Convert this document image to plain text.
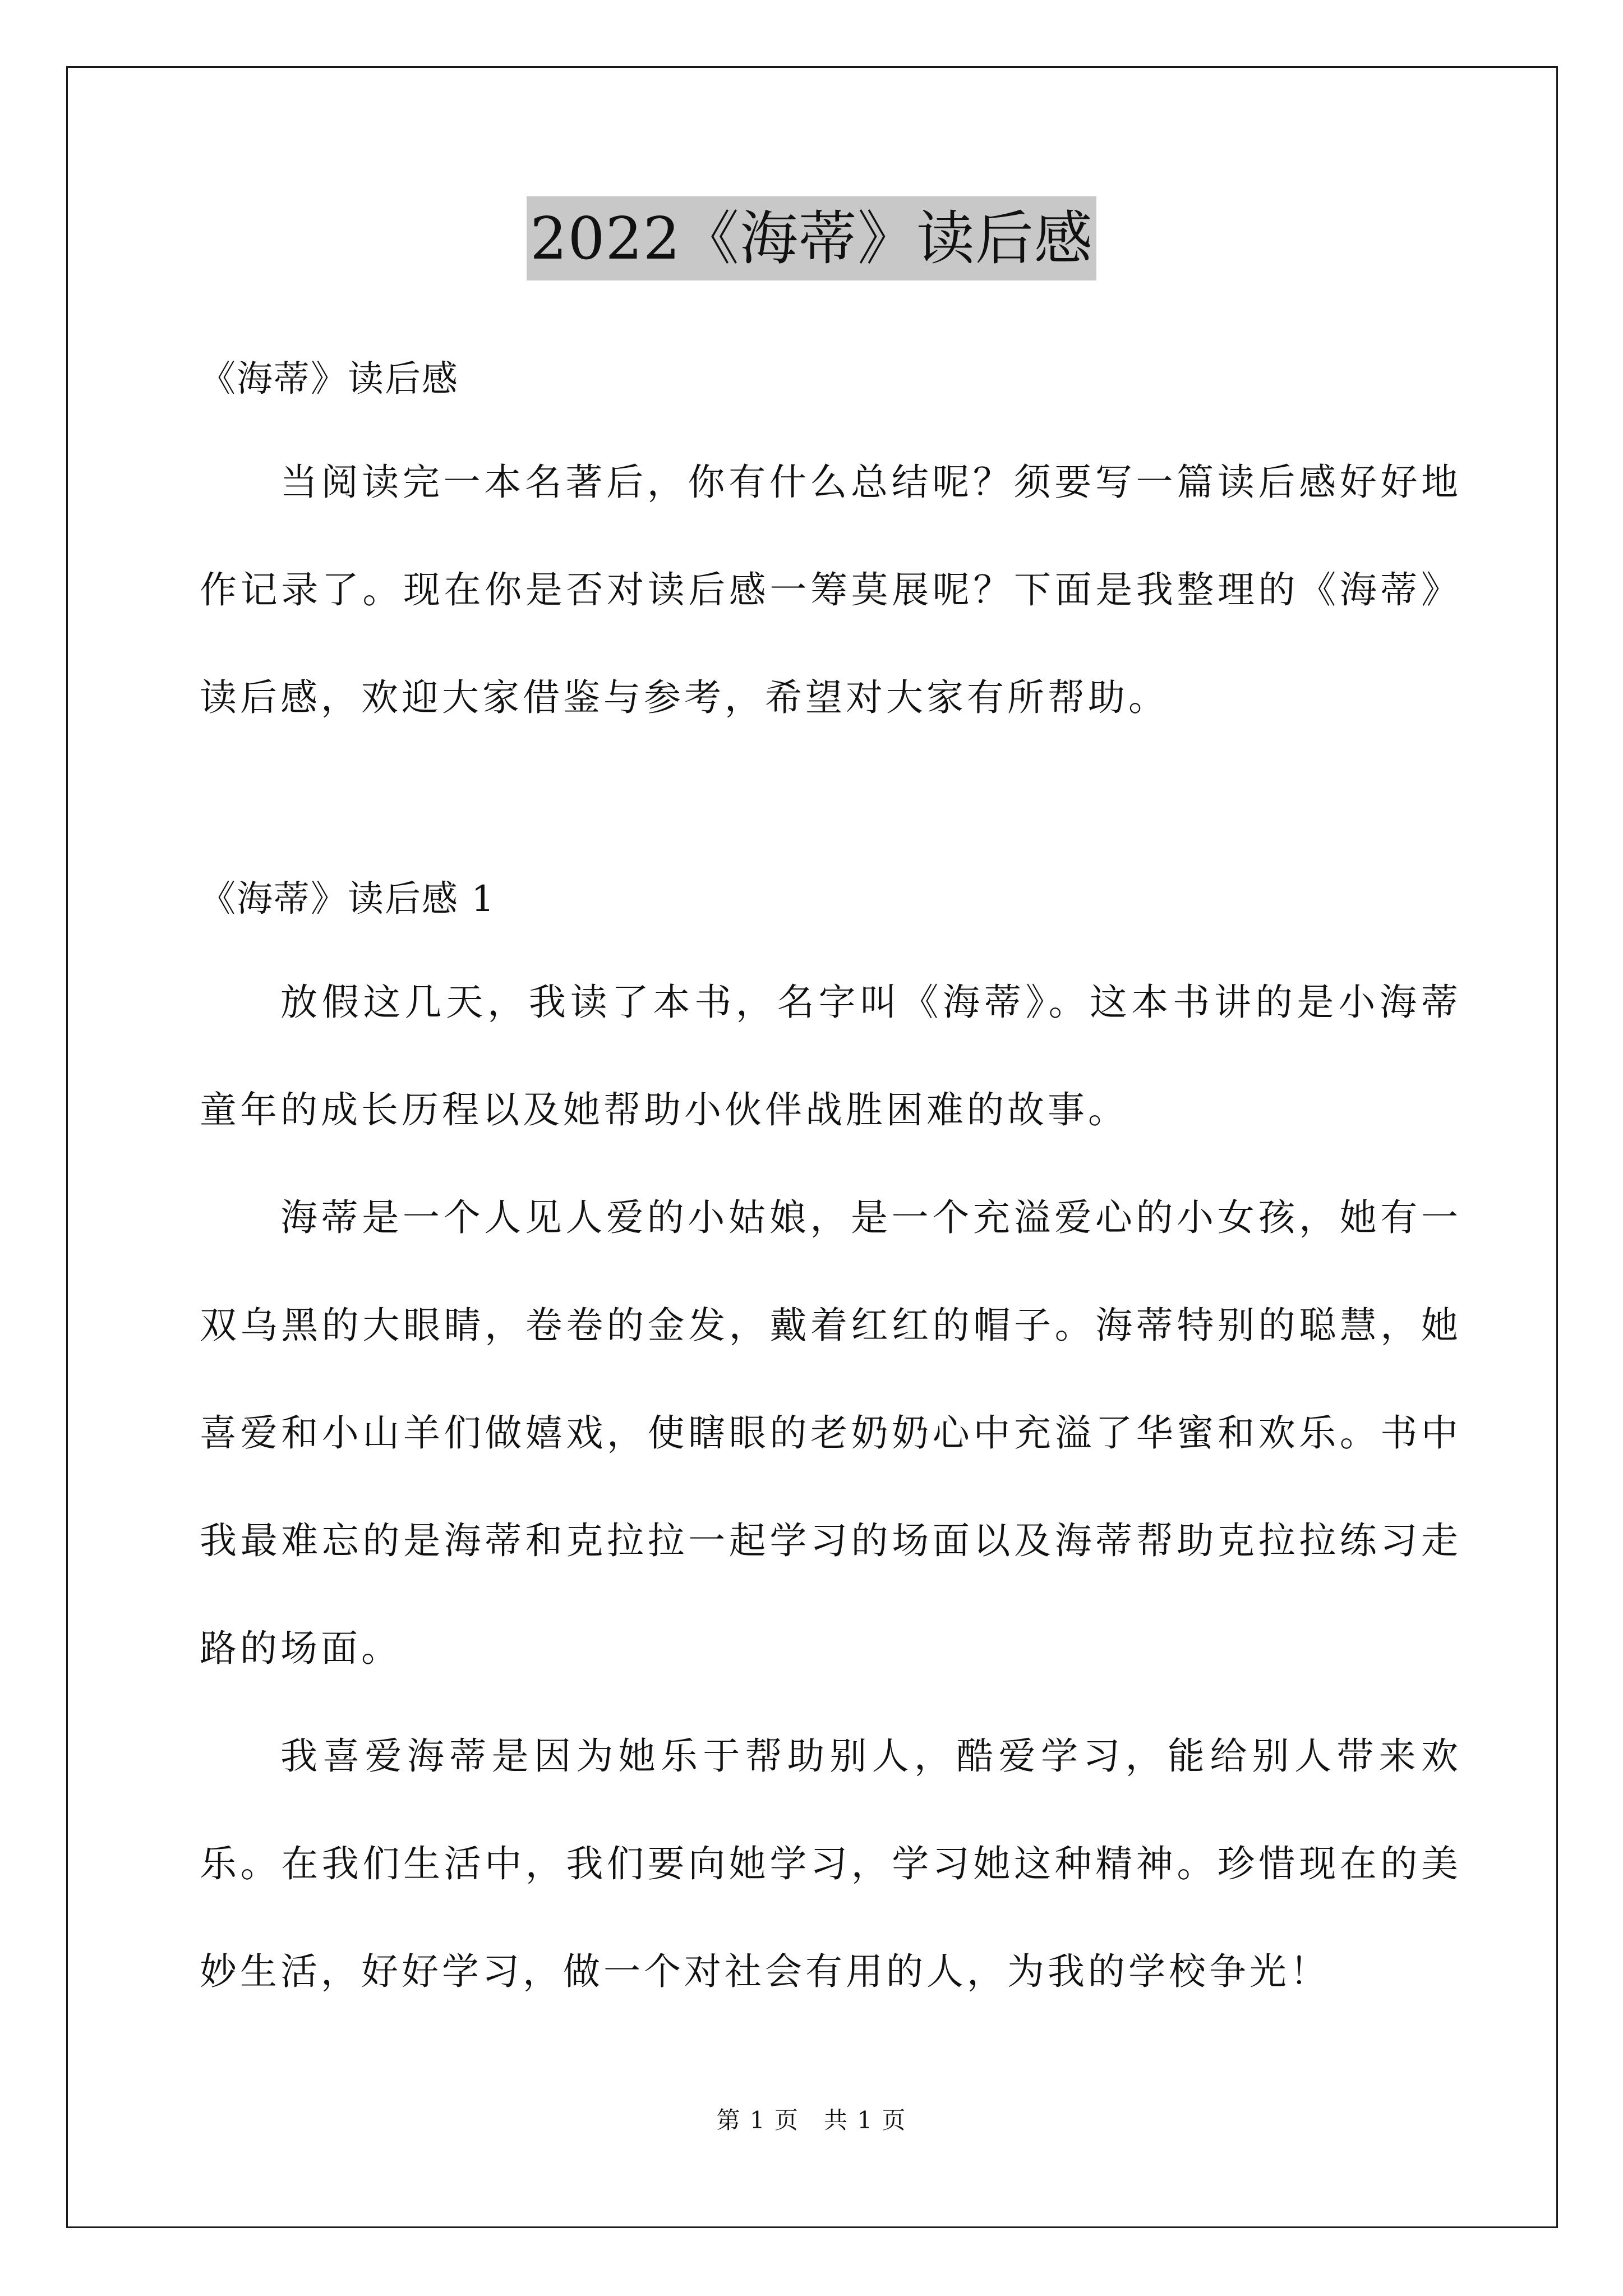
2022《海蒂》读后感

《海蒂》读后感

当阅读完一本名著后，你有什么总结呢？须要写一篇读后感好好地作记录了。现在你是否对读后感一筹莫展呢？下面是我整理的《海蒂》读后感，欢迎大家借鉴与参考，希望对大家有所帮助。

《海蒂》读后感 1

放假这几天，我读了本书，名字叫《海蒂》。这本书讲的是小海蒂童年的成长历程以及她帮助小伙伴战胜困难的故事。

海蒂是一个人见人爱的小姑娘，是一个充溢爱心的小女孩，她有一双乌黑的大眼睛，卷卷的金发，戴着红红的帽子。海蒂特别的聪慧，她喜爱和小山羊们做嬉戏，使瞎眼的老奶奶心中充溢了华蜜和欢乐。书中我最难忘的是海蒂和克拉拉一起学习的场面以及海蒂帮助克拉拉练习走路的场面。

我喜爱海蒂是因为她乐于帮助别人，酷爱学习，能给别人带来欢乐。在我们生活中，我们要向她学习，学习她这种精神。珍惜现在的美妙生活，好好学习，做一个对社会有用的人，为我的学校争光！

第 1 页　共 1 页
